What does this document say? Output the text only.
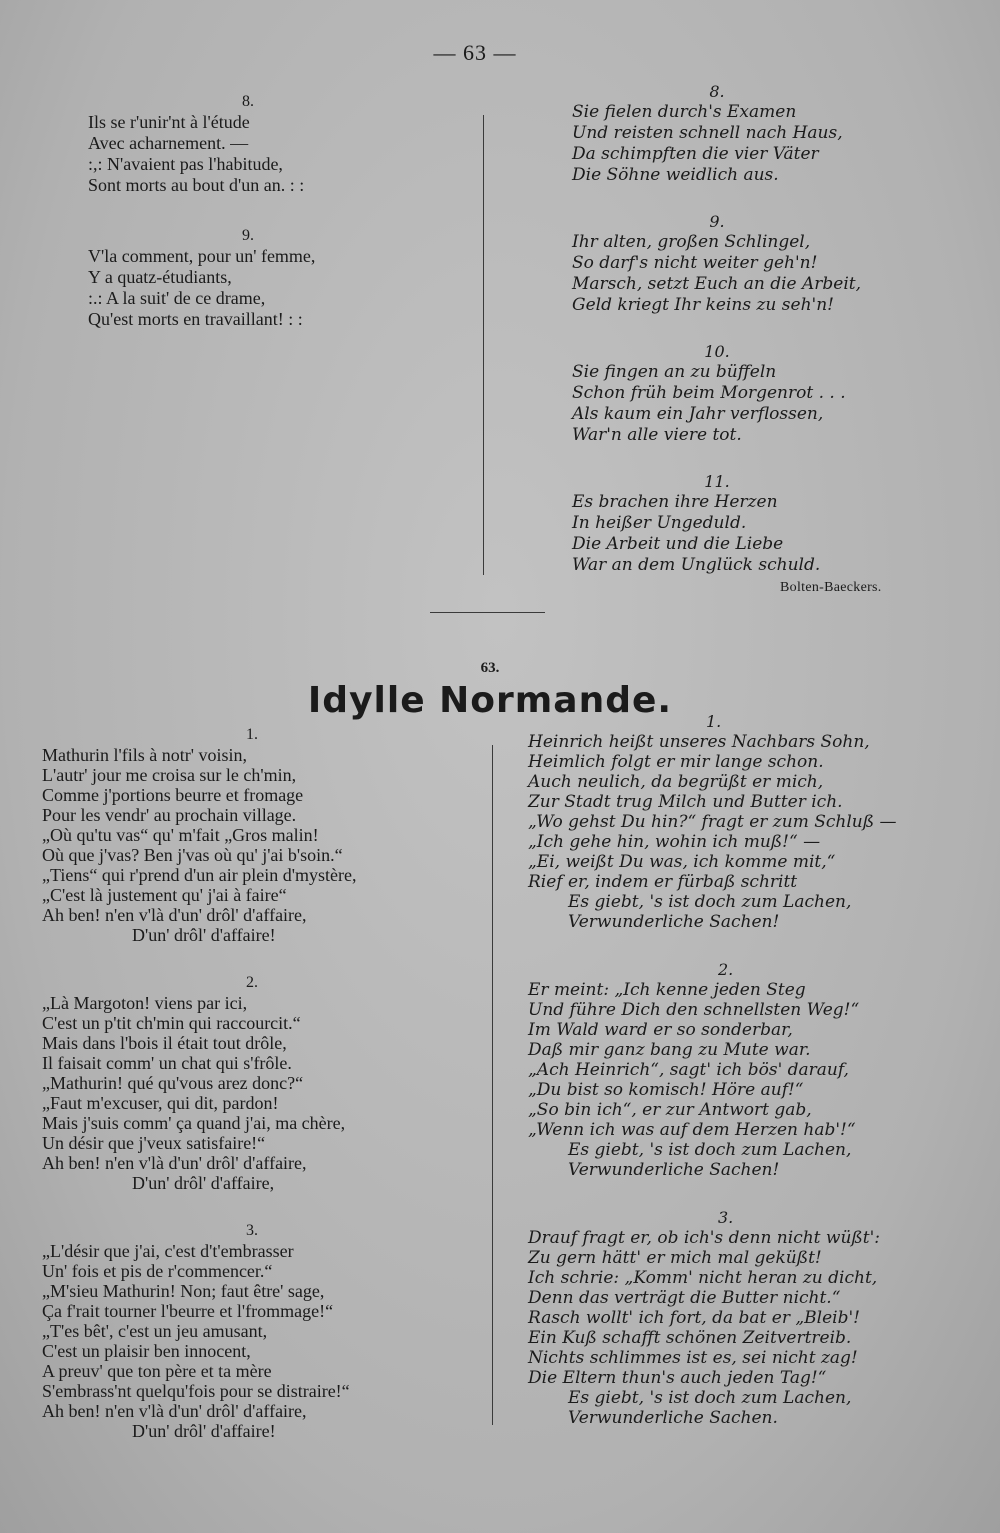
— 63 —
8.
Ils se r'unir'nt à l'étude
Avec acharnement. —
:,: N'avaient pas l'habitude,
Sont morts au bout d'un an. : :
9.
V'la comment, pour un' femme,
Y a quatz-étudiants,
:.: A la suit' de ce drame,
Qu'est morts en travaillant! : :
8.
Sie fielen durch's Examen
Und reisten schnell nach Haus,
Da schimpften die vier Väter
Die Söhne weidlich aus.
9.
Ihr alten, großen Schlingel,
So darf's nicht weiter geh'n!
Marsch, setzt Euch an die Arbeit,
Geld kriegt Ihr keins zu seh'n!
10.
Sie fingen an zu büffeln
Schon früh beim Morgenrot . . .
Als kaum ein Jahr verflossen,
War'n alle viere tot.
11.
Es brachen ihre Herzen
In heißer Ungeduld.
Die Arbeit und die Liebe
War an dem Unglück schuld.
Bolten-Baeckers.
63.
Idylle Normande.
1.
Mathurin l'fils à notr' voisin,
L'autr' jour me croisa sur le ch'min,
Comme j'portions beurre et fromage
Pour les vendr' au prochain village.
„Où qu'tu vas“ qu' m'fait „Gros malin!
Où que j'vas? Ben j'vas où qu' j'ai b'soin.“
„Tiens“ qui r'prend d'un air plein d'mystère,
„C'est là justement qu' j'ai à faire“
Ah ben! n'en v'là d'un' drôl' d'affaire,
D'un' drôl' d'affaire!
2.
„Là Margoton! viens par ici,
C'est un p'tit ch'min qui raccourcit.“
Mais dans l'bois il était tout drôle,
Il faisait comm' un chat qui s'frôle.
„Mathurin! qué qu'vous arez donc?“
„Faut m'excuser, qui dit, pardon!
Mais j'suis comm' ça quand j'ai, ma chère,
Un désir que j'veux satisfaire!“
Ah ben! n'en v'là d'un' drôl' d'affaire,
D'un' drôl' d'affaire,
3.
„L'désir que j'ai, c'est d't'embrasser
Un' fois et pis de r'commencer.“
„M'sieu Mathurin! Non; faut être' sage,
Ça f'rait tourner l'beurre et l'frommage!“
„T'es bêt', c'est un jeu amusant,
C'est un plaisir ben innocent,
A preuv' que ton père et ta mère
S'embrass'nt quelqu'fois pour se distraire!“
Ah ben! n'en v'là d'un' drôl' d'affaire,
D'un' drôl' d'affaire!
1.
Heinrich heißt unseres Nachbars Sohn,
Heimlich folgt er mir lange schon.
Auch neulich, da begrüßt er mich,
Zur Stadt trug Milch und Butter ich.
„Wo gehst Du hin?“ fragt er zum Schluß —
„Ich gehe hin, wohin ich muß!“ —
„Ei, weißt Du was, ich komme mit,“
Rief er, indem er fürbaß schritt
Es giebt, 's ist doch zum Lachen,
Verwunderliche Sachen!
2.
Er meint: „Ich kenne jeden Steg
Und führe Dich den schnellsten Weg!“
Im Wald ward er so sonderbar,
Daß mir ganz bang zu Mute war.
„Ach Heinrich“, sagt' ich bös' darauf,
„Du bist so komisch! Höre auf!“
„So bin ich“, er zur Antwort gab,
„Wenn ich was auf dem Herzen hab'!“
Es giebt, 's ist doch zum Lachen,
Verwunderliche Sachen!
3.
Drauf fragt er, ob ich's denn nicht wüßt':
Zu gern hätt' er mich mal geküßt!
Ich schrie: „Komm' nicht heran zu dicht,
Denn das verträgt die Butter nicht.“
Rasch wollt' ich fort, da bat er „Bleib'!
Ein Kuß schafft schönen Zeitvertreib.
Nichts schlimmes ist es, sei nicht zag!
Die Eltern thun's auch jeden Tag!“
Es giebt, 's ist doch zum Lachen,
Verwunderliche Sachen.
